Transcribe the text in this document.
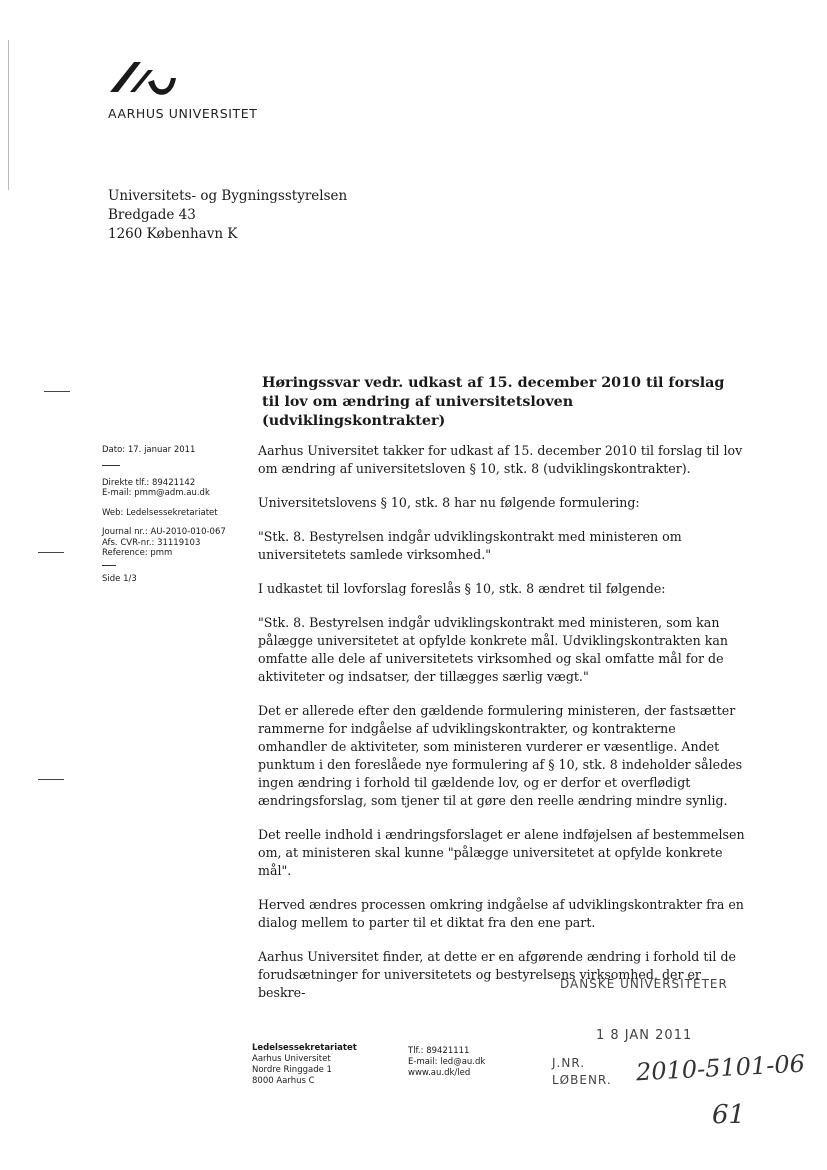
AARHUS UNIVERSITET
Universitets- og Bygningsstyrelsen
Bredgade 43
1260 København K
Høringssvar vedr. udkast af 15. december 2010 til forslag til lov om ændring af universitetsloven (udviklingskontrakter)
Dato: 17. januar 2011
Direkte tlf.: 89421142
E-mail: pmm@adm.au.dk
Web: Ledelsessekretariatet
Journal nr.: AU-2010-010-067
Afs. CVR-nr.: 31119103
Reference: pmm
Side 1/3

Aarhus Universitet takker for udkast af 15. december 2010 til forslag til lov om ændring af universitetsloven § 10, stk. 8 (udviklingskontrakter).

Universitetslovens § 10, stk. 8 har nu følgende formulering:

"Stk. 8. Bestyrelsen indgår udviklingskontrakt med ministeren om universitetets samlede virksomhed."

I udkastet til lovforslag foreslås § 10, stk. 8 ændret til følgende:

"Stk. 8. Bestyrelsen indgår udviklingskontrakt med ministeren, som kan pålægge universitetet at opfylde konkrete mål. Udviklingskontrakten kan omfatte alle dele af universitetets virksomhed og skal omfatte mål for de aktiviteter og indsatser, der tillægges særlig vægt."

Det er allerede efter den gældende formulering ministeren, der fastsætter rammerne for indgåelse af udviklingskontrakter, og kontrakterne omhandler de aktiviteter, som ministeren vurderer er væsentlige. Andet punktum i den foreslåede nye formulering af § 10, stk. 8 indeholder således ingen ændring i forhold til gældende lov, og er derfor et overflødigt ændringsforslag, som tjener til at gøre den reelle ændring mindre synlig.

Det reelle indhold i ændringsforslaget er alene indføjelsen af bestemmelsen om, at ministeren skal kunne "pålægge universitetet at opfylde konkrete mål".

Herved ændres processen omkring indgåelse af udviklingskontrakter fra en dialog mellem to parter til et diktat fra den ene part.

Aarhus Universitet finder, at dette er en afgørende ændring i forhold til de forudsætninger for universitetets og bestyrelsens virksomhed, der er beskre-

DANSKE UNIVERSITETER
Ledelsessekretariatet
Aarhus Universitet
Nordre Ringgade 1
8000 Aarhus C
Tlf.: 89421111
E-mail: led@au.dk
www.au.dk/led
1 8 JAN 2011
J.NR.
LØBENR. 2010-5101-06
61
